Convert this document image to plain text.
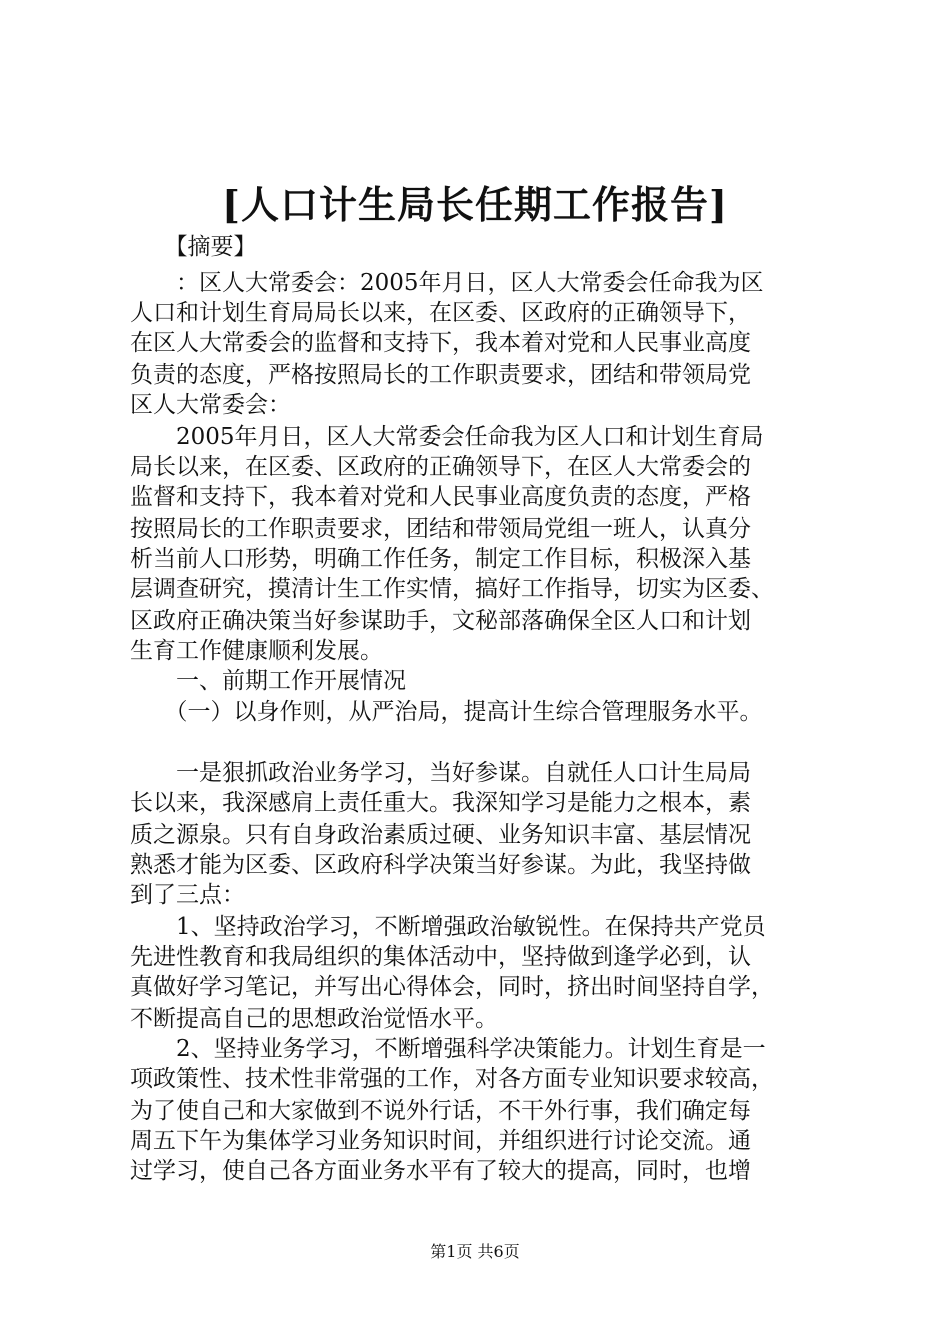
[人口计生局长任期工作报告]
　　【摘要】
　　：区人大常委会：2005年月日，区人大常委会任命我为区
人口和计划生育局局长以来，在区委、区政府的正确领导下，
在区人大常委会的监督和支持下，我本着对党和人民事业高度
负责的态度，严格按照局长的工作职责要求，团结和带领局党
区人大常委会：
　　2005年月日，区人大常委会任命我为区人口和计划生育局
局长以来，在区委、区政府的正确领导下，在区人大常委会的
监督和支持下，我本着对党和人民事业高度负责的态度，严格
按照局长的工作职责要求，团结和带领局党组一班人，认真分
析当前人口形势，明确工作任务，制定工作目标，积极深入基
层调查研究，摸清计生工作实情，搞好工作指导，切实为区委、
区政府正确决策当好参谋助手，文秘部落确保全区人口和计划
生育工作健康顺利发展。
　　一、前期工作开展情况
　　（一）以身作则，从严治局，提高计生综合管理服务水平。
　　一是狠抓政治业务学习，当好参谋。自就任人口计生局局
长以来，我深感肩上责任重大。我深知学习是能力之根本，素
质之源泉。只有自身政治素质过硬、业务知识丰富、基层情况
熟悉才能为区委、区政府科学决策当好参谋。为此，我坚持做
到了三点：
　　1、坚持政治学习，不断增强政治敏锐性。在保持共产党员
先进性教育和我局组织的集体活动中，坚持做到逢学必到，认
真做好学习笔记，并写出心得体会，同时，挤出时间坚持自学，
不断提高自己的思想政治觉悟水平。
　　2、坚持业务学习，不断增强科学决策能力。计划生育是一
项政策性、技术性非常强的工作，对各方面专业知识要求较高，
为了使自己和大家做到不说外行话，不干外行事，我们确定每
周五下午为集体学习业务知识时间，并组织进行讨论交流。通
过学习，使自己各方面业务水平有了较大的提高，同时，也增
第1页 共6页
